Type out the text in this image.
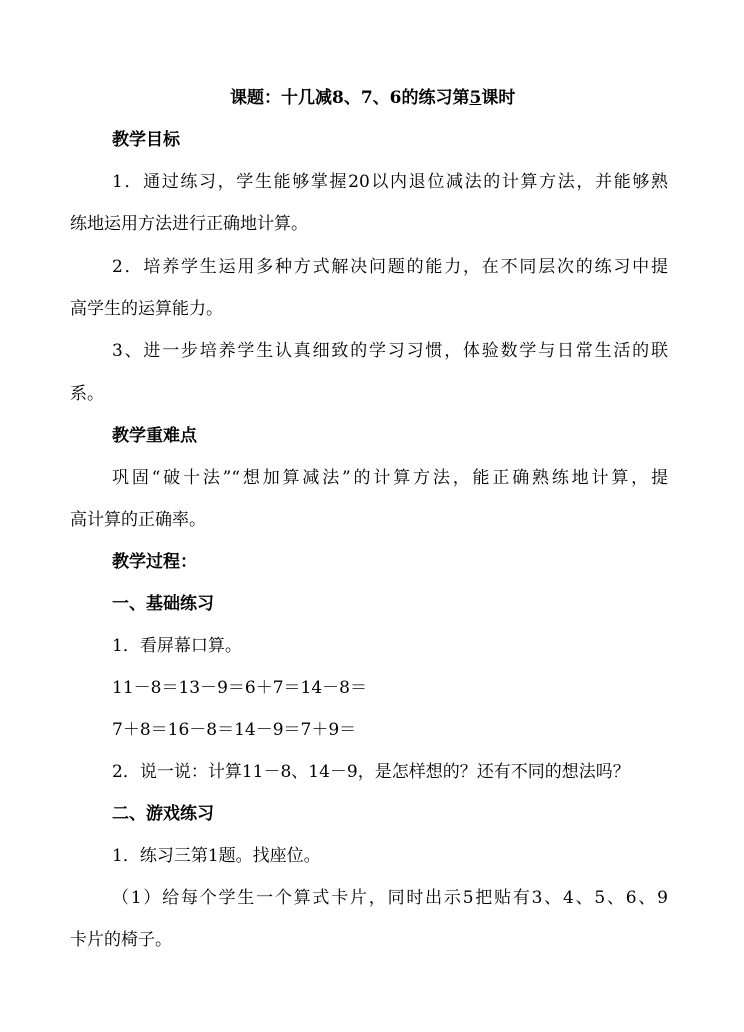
课题：十几减8、7、6的练习第5课时
教学目标
1．通过练习，学生能够掌握20以内退位减法的计算方法，并能够熟
练地运用方法进行正确地计算。
2．培养学生运用多种方式解决问题的能力，在不同层次的练习中提
高学生的运算能力。
3、进一步培养学生认真细致的学习习惯，体验数学与日常生活的联
系。
教学重难点
巩固“破十法”“想加算减法”的计算方法，能正确熟练地计算，提
高计算的正确率。
教学过程：
一、基础练习
1．看屏幕口算。
11－8＝13－9＝6＋7＝14－8＝
7＋8＝16－8＝14－9＝7＋9＝
2．说一说：计算11－8、14－9，是怎样想的？还有不同的想法吗？
二、游戏练习
1．练习三第1题。找座位。
（1）给每个学生一个算式卡片，同时出示5把贴有3、4、5、6、9
卡片的椅子。
